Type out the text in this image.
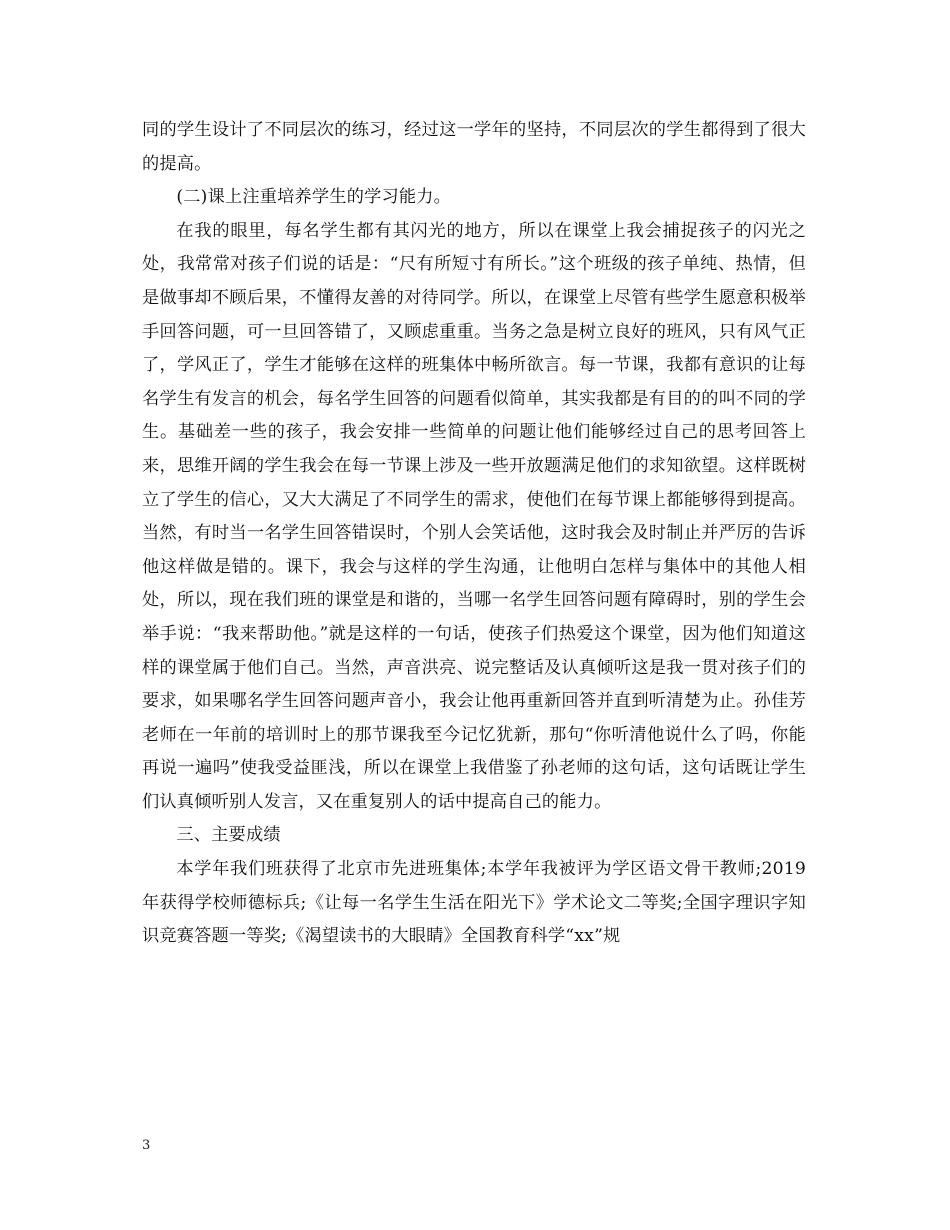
同的学生设计了不同层次的练习，经过这一学年的坚持，不同层次的学生都得到了很大的提高。

(二)课上注重培养学生的学习能力。

在我的眼里，每名学生都有其闪光的地方，所以在课堂上我会捕捉孩子的闪光之处，我常常对孩子们说的话是：“尺有所短寸有所长。”这个班级的孩子单纯、热情，但是做事却不顾后果，不懂得友善的对待同学。所以，在课堂上尽管有些学生愿意积极举手回答问题，可一旦回答错了，又顾虑重重。当务之急是树立良好的班风，只有风气正了，学风正了，学生才能够在这样的班集体中畅所欲言。每一节课，我都有意识的让每名学生有发言的机会，每名学生回答的问题看似简单，其实我都是有目的的叫不同的学生。基础差一些的孩子，我会安排一些简单的问题让他们能够经过自己的思考回答上来，思维开阔的学生我会在每一节课上涉及一些开放题满足他们的求知欲望。这样既树立了学生的信心，又大大满足了不同学生的需求，使他们在每节课上都能够得到提高。当然，有时当一名学生回答错误时，个别人会笑话他，这时我会及时制止并严厉的告诉他这样做是错的。课下，我会与这样的学生沟通，让他明白怎样与集体中的其他人相处，所以，现在我们班的课堂是和谐的，当哪一名学生回答问题有障碍时，别的学生会举手说：“我来帮助他。”就是这样的一句话，使孩子们热爱这个课堂，因为他们知道这样的课堂属于他们自己。当然，声音洪亮、说完整话及认真倾听这是我一贯对孩子们的要求，如果哪名学生回答问题声音小，我会让他再重新回答并直到听清楚为止。孙佳芳老师在一年前的培训时上的那节课我至今记忆犹新，那句“你听清他说什么了吗，你能再说一遍吗”使我受益匪浅，所以在课堂上我借鉴了孙老师的这句话，这句话既让学生们认真倾听别人发言，又在重复别人的话中提高自己的能力。

三、主要成绩

本学年我们班获得了北京市先进班集体;本学年我被评为学区语文骨干教师;2019年获得学校师德标兵;《让每一名学生生活在阳光下》学术论文二等奖;全国字理识字知识竞赛答题一等奖;《渴望读书的大眼睛》全国教育科学“xx”规

3
